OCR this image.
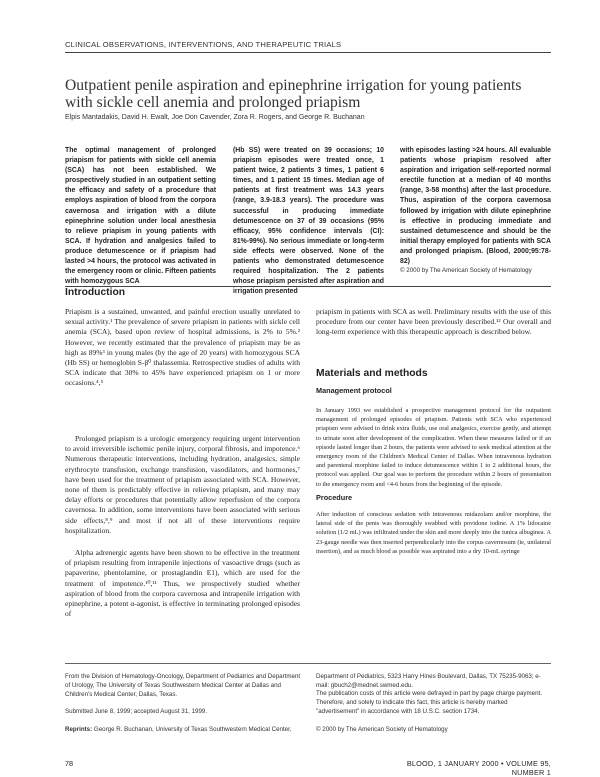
CLINICAL OBSERVATIONS, INTERVENTIONS, AND THERAPEUTIC TRIALS
Outpatient penile aspiration and epinephrine irrigation for young patients with sickle cell anemia and prolonged priapism
Elpis Mantadakis, David H. Ewalt, Joe Don Cavender, Zora R. Rogers, and George R. Buchanan
The optimal management of prolonged priapism for patients with sickle cell anemia (SCA) has not been established. We prospectively studied in an outpatient setting the efficacy and safety of a procedure that employs aspiration of blood from the corpora cavernosa and irrigation with a dilute epinephrine solution under local anesthesia to relieve priapism in young patients with SCA. If hydration and analgesics failed to produce detumescence or if priapism had lasted >4 hours, the protocol was activated in the emergency room or clinic. Fifteen patients with homozygous SCA
(Hb SS) were treated on 39 occasions; 10 priapism episodes were treated once, 1 patient twice, 2 patients 3 times, 1 patient 6 times, and 1 patient 15 times. Median age of patients at first treatment was 14.3 years (range, 3.9-18.3 years). The procedure was successful in producing immediate detumescence on 37 of 39 occasions (95% efficacy, 95% confidence intervals (CI): 81%-99%). No serious immediate or long-term side effects were observed. None of the patients who demonstrated detumescence required hospitalization. The 2 patients whose priapism persisted after aspiration and irrigation presented
with episodes lasting >24 hours. All evaluable patients whose priapism resolved after aspiration and irrigation self-reported normal erectile function at a median of 40 months (range, 3-58 months) after the last procedure. Thus, aspiration of the corpora cavernosa followed by irrigation with dilute epinephrine is effective in producing immediate and sustained detumescence and should be the initial therapy employed for patients with SCA and prolonged priapism. (Blood, 2000;95:78-82)
© 2000 by The American Society of Hematology
Introduction

Priapism is a sustained, unwanted, and painful erection usually unrelated to sexual activity.¹ The prevalence of severe priapism in patients with sickle cell anemia (SCA), based upon review of hospital admissions, is 2% to 5%.² However, we recently estimated that the prevalence of priapism may be as high as 89%³ in young males (by the age of 20 years) with homozygous SCA (Hb SS) or hemoglobin S-β⁰ thalassemia. Retrospective studies of adults with SCA indicate that 30% to 45% have experienced priapism on 1 or more occasions.⁴,⁵

Prolonged priapism is a urologic emergency requiring urgent intervention to avoid irreversible ischemic penile injury, corporal fibrosis, and impotence.⁶ Numerous therapeutic interventions, including hydration, analgesics, simple erythrocyte transfusion, exchange transfusion, vasodilators, and hormones,⁷ have been used for the treatment of priapism associated with SCA. However, none of them is predictably effective in relieving priapism, and many may delay efforts or procedures that potentially allow reperfusion of the corpora cavernosa. In addition, some interventions have been associated with serious side effects,⁸,⁹ and most if not all of these interventions require hospitalization.

Alpha adrenergic agents have been shown to be effective in the treatment of priapism resulting from intrapenile injections of vasoactive drugs (such as papaverine, phentolamine, or prostaglandin E1), which are used for the treatment of impotence.¹⁰,¹¹ Thus, we prospectively studied whether aspiration of blood from the corpora cavernosa and intrapenile irrigation with epinephrine, a potent α-agonist, is effective in terminating prolonged episodes of

priapism in patients with SCA as well. Preliminary results with the use of this procedure from our center have been previously described.¹² Our overall and long-term experience with this therapeutic approach is described below.

Materials and methods
Management protocol
In January 1993 we established a prospective management protocol for the outpatient management of prolonged episodes of priapism. Patients with SCA who experienced priapism were advised to drink extra fluids, use oral analgesics, exercise gently, and attempt to urinate soon after development of the complication. When these measures failed or if an episode lasted longer than 2 hours, the patients were advised to seek medical attention at the emergency room of the Children's Medical Center of Dallas. When intravenous hydration and parenteral morphine failed to induce detumescence within 1 to 2 additional hours, the protocol was applied. Our goal was to perform the procedure within 2 hours of presentation to the emergency room and <4-6 hours from the beginning of the episode.
Procedure
After induction of conscious sedation with intravenous midazolam and/or morphine, the lateral side of the penis was thoroughly swabbed with povidone iodine. A 1% lidocaine solution (1/2 mL) was infiltrated under the skin and more deeply into the tunica albuginea. A 23-gauge needle was then inserted perpendicularly into the corpus cavernosum (ie, unilateral insertion), and as much blood as possible was aspirated into a dry 10-mL syringe
From the Division of Hematology-Oncology, Department of Pediatrics and Department of Urology, The University of Texas Southwestern Medical Center at Dallas and Children's Medical Center, Dallas, Texas.
Submitted June 8, 1999; accepted August 31, 1999.
Reprints: George R. Buchanan, University of Texas Southwestern Medical Center,
Department of Pediatrics, 5323 Harry Hines Boulevard, Dallas, TX 75235-9063; e-mail: gbuch2@mednet.swmed.edu.
The publication costs of this article were defrayed in part by page charge payment. Therefore, and solely to indicate this fact, this article is hereby marked "advertisement" in accordance with 18 U.S.C. section 1734.
© 2000 by The American Society of Hematology
78	BLOOD, 1 JANUARY 2000 • VOLUME 95, NUMBER 1
